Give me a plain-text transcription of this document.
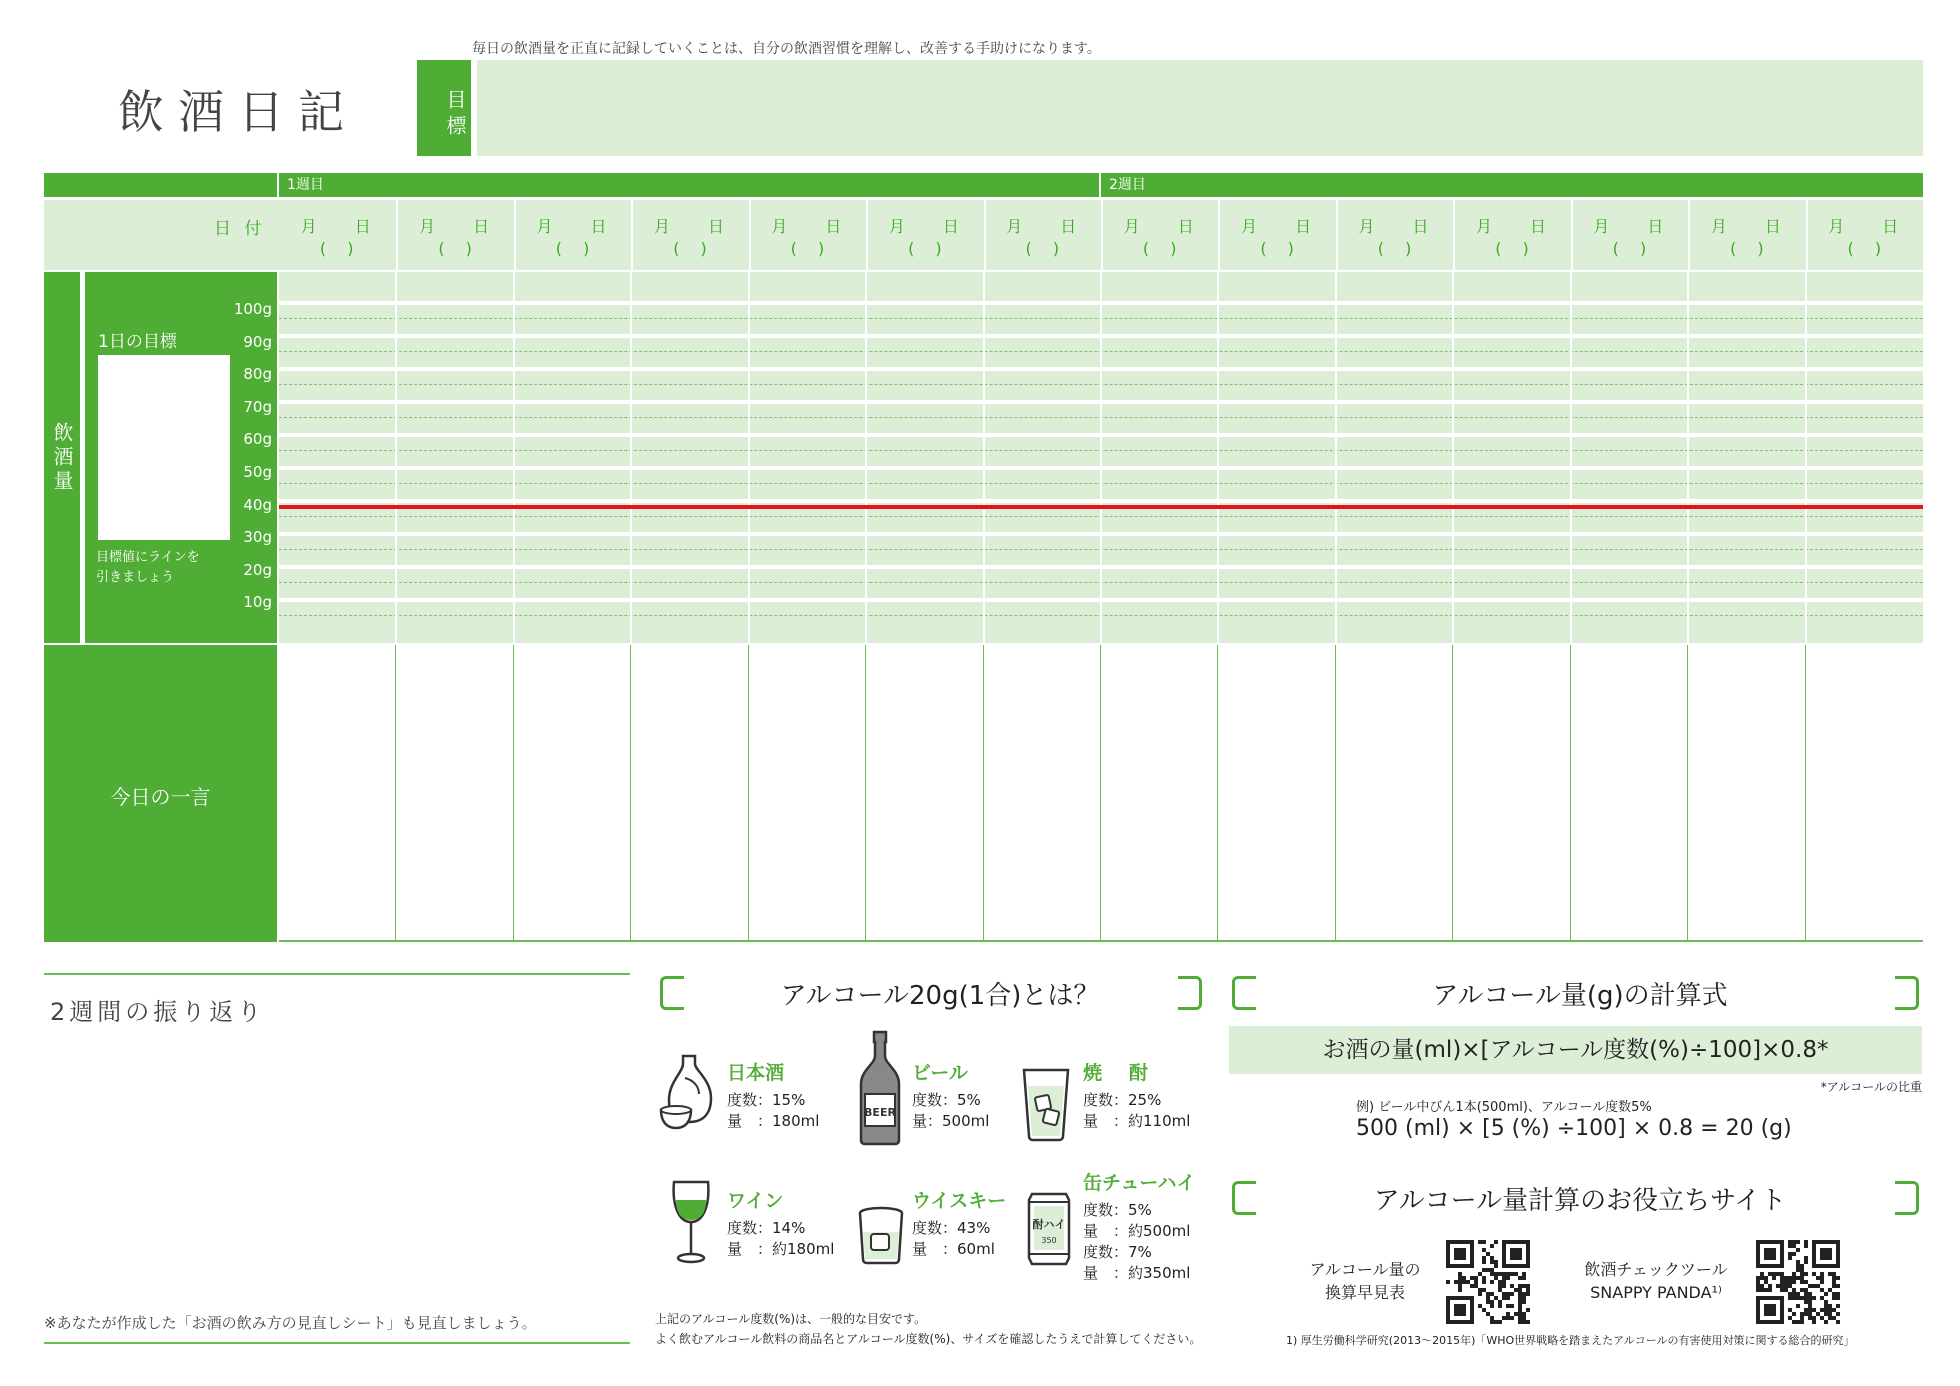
飲酒日記
毎日の飲酒量を正直に記録していくことは、自分の飲酒習慣を理解し、改善する手助けになります。
目標
1週目	2週目
日 付	月　　日
(　 )
月　　日
(　 )
月　　日
(　 )
月　　日
(　 )
月　　日
(　 )
月　　日
(　 )
月　　日
(　 )
月　　日
(　 )
月　　日
(　 )
月　　日
(　 )
月　　日
(　 )
月　　日
(　 )
月　　日
(　 )
月　　日
(　 )
飲酒量
1日の目標
目標値にラインを
引きましょう
100g
90g
80g
70g
60g
50g
40g
30g
20g
10g
今日の一言
2週間の振り返り
※あなたが作成した「お酒の飲み方の見直しシート」も見直しましょう。
アルコール20g(1合)とは？
日本酒
度数：15%
量　：180ml	BEER
ビール
度数：5%
量：500ml
焼　酎
度数：25%
量　：約110ml
ワイン
度数：14%
量　：約180ml
ウイスキー
度数：43%
量　：60ml
酎ハイ
350
缶チューハイ
度数：5%
量　：約500ml
度数：7%
量　：約350ml
上記のアルコール度数(%)は、一般的な目安です。
よく飲むアルコール飲料の商品名とアルコール度数(%)、サイズを確認したうえで計算してください。
アルコール量(g)の計算式
お酒の量(ml)×[アルコール度数(%)÷100]×0.8*
*アルコールの比重
例) ビール中びん1本(500ml)、アルコール度数5%
500 (ml) × [5 (%) ÷100] × 0.8 = 20 (g)
アルコール量計算のお役立ちサイト
アルコール量の
換算早見表
飲酒チェックツール
SNAPPY PANDA¹⁾
1) 厚生労働科学研究(2013～2015年)「WHO世界戦略を踏まえたアルコールの有害使用対策に関する総合的研究」
